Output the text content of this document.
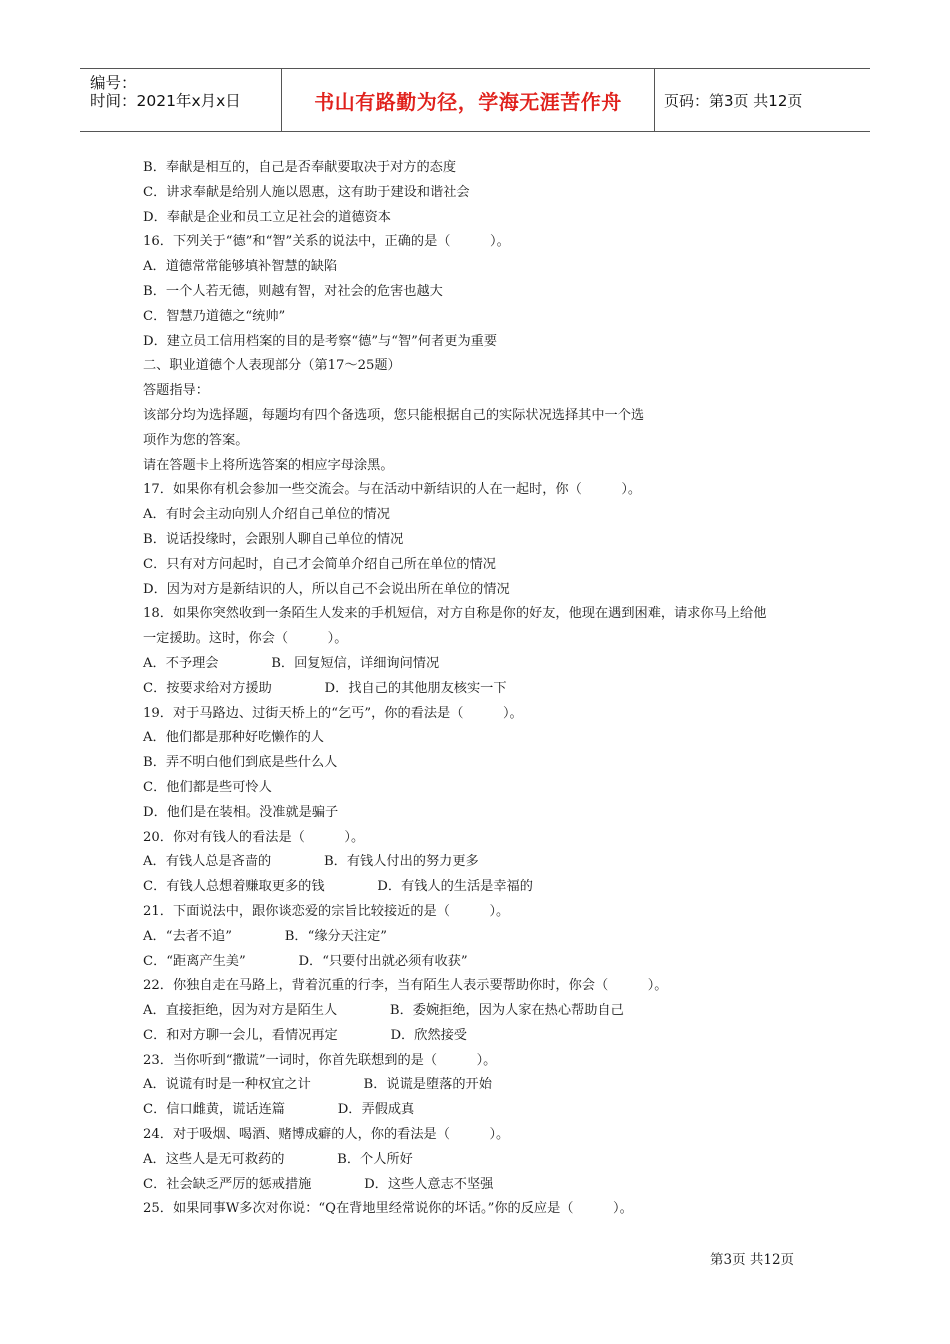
编号：
时间：2021年x月x日	书山有路勤为径，学海无涯苦作舟	页码：第3页 共12页
B．奉献是相互的，自己是否奉献要取决于对方的态度
C．讲求奉献是给别人施以恩惠，这有助于建设和谐社会
D．奉献是企业和员工立足社会的道德资本
16．下列关于“德”和“智”关系的说法中，正确的是（　　　）。
A．道德常常能够填补智慧的缺陷
B．一个人若无德，则越有智，对社会的危害也越大
C．智慧乃道德之“统帅”
D．建立员工信用档案的目的是考察“德”与“智”何者更为重要
二、职业道德个人表现部分（第17～25题）
答题指导：
该部分均为选择题，每题均有四个备选项，您只能根据自己的实际状况选择其中一个选
项作为您的答案。
请在答题卡上将所选答案的相应字母涂黑。
17．如果你有机会参加一些交流会。与在活动中新结识的人在一起时，你（　　　）。
A．有时会主动向别人介绍自己单位的情况
B．说话投缘时，会跟别人聊自己单位的情况
C．只有对方问起时，自己才会简单介绍自己所在单位的情况
D．因为对方是新结识的人，所以自己不会说出所在单位的情况
18．如果你突然收到一条陌生人发来的手机短信，对方自称是你的好友，他现在遇到困难，请求你马上给他
一定援助。这时，你会（　　　）。
A．不予理会　　　　B．回复短信，详细询问情况
C．按要求给对方援助　　　　D．找自己的其他朋友核实一下
19．对于马路边、过街天桥上的“乞丐”，你的看法是（　　　）。
A．他们都是那种好吃懒作的人
B．弄不明白他们到底是些什么人
C．他们都是些可怜人
D．他们是在装相。没准就是骗子
20．你对有钱人的看法是（　　　）。
A．有钱人总是吝啬的　　　　B．有钱人付出的努力更多
C．有钱人总想着赚取更多的钱　　　　D．有钱人的生活是幸福的
21．下面说法中，跟你谈恋爱的宗旨比较接近的是（　　　）。
A．“去者不追”　　　　B．“缘分天注定”
C．“距离产生美”　　　　D．“只要付出就必须有收获”
22．你独自走在马路上，背着沉重的行李，当有陌生人表示要帮助你时，你会（　　　）。
A．直接拒绝，因为对方是陌生人　　　　B．委婉拒绝，因为人家在热心帮助自己
C．和对方聊一会儿，看情况再定　　　　D．欣然接受
23．当你听到“撒谎”一词时，你首先联想到的是（　　　）。
A．说谎有时是一种权宜之计　　　　B．说谎是堕落的开始
C．信口雌黄，谎话连篇　　　　D．弄假成真
24．对于吸烟、喝酒、赌博成癖的人，你的看法是（　　　）。
A．这些人是无可救药的　　　　B．个人所好
C．社会缺乏严厉的惩戒措施　　　　D．这些人意志不坚强
25．如果同事W多次对你说：“Q在背地里经常说你的坏话。”你的反应是（　　　）。
第3页 共12页
